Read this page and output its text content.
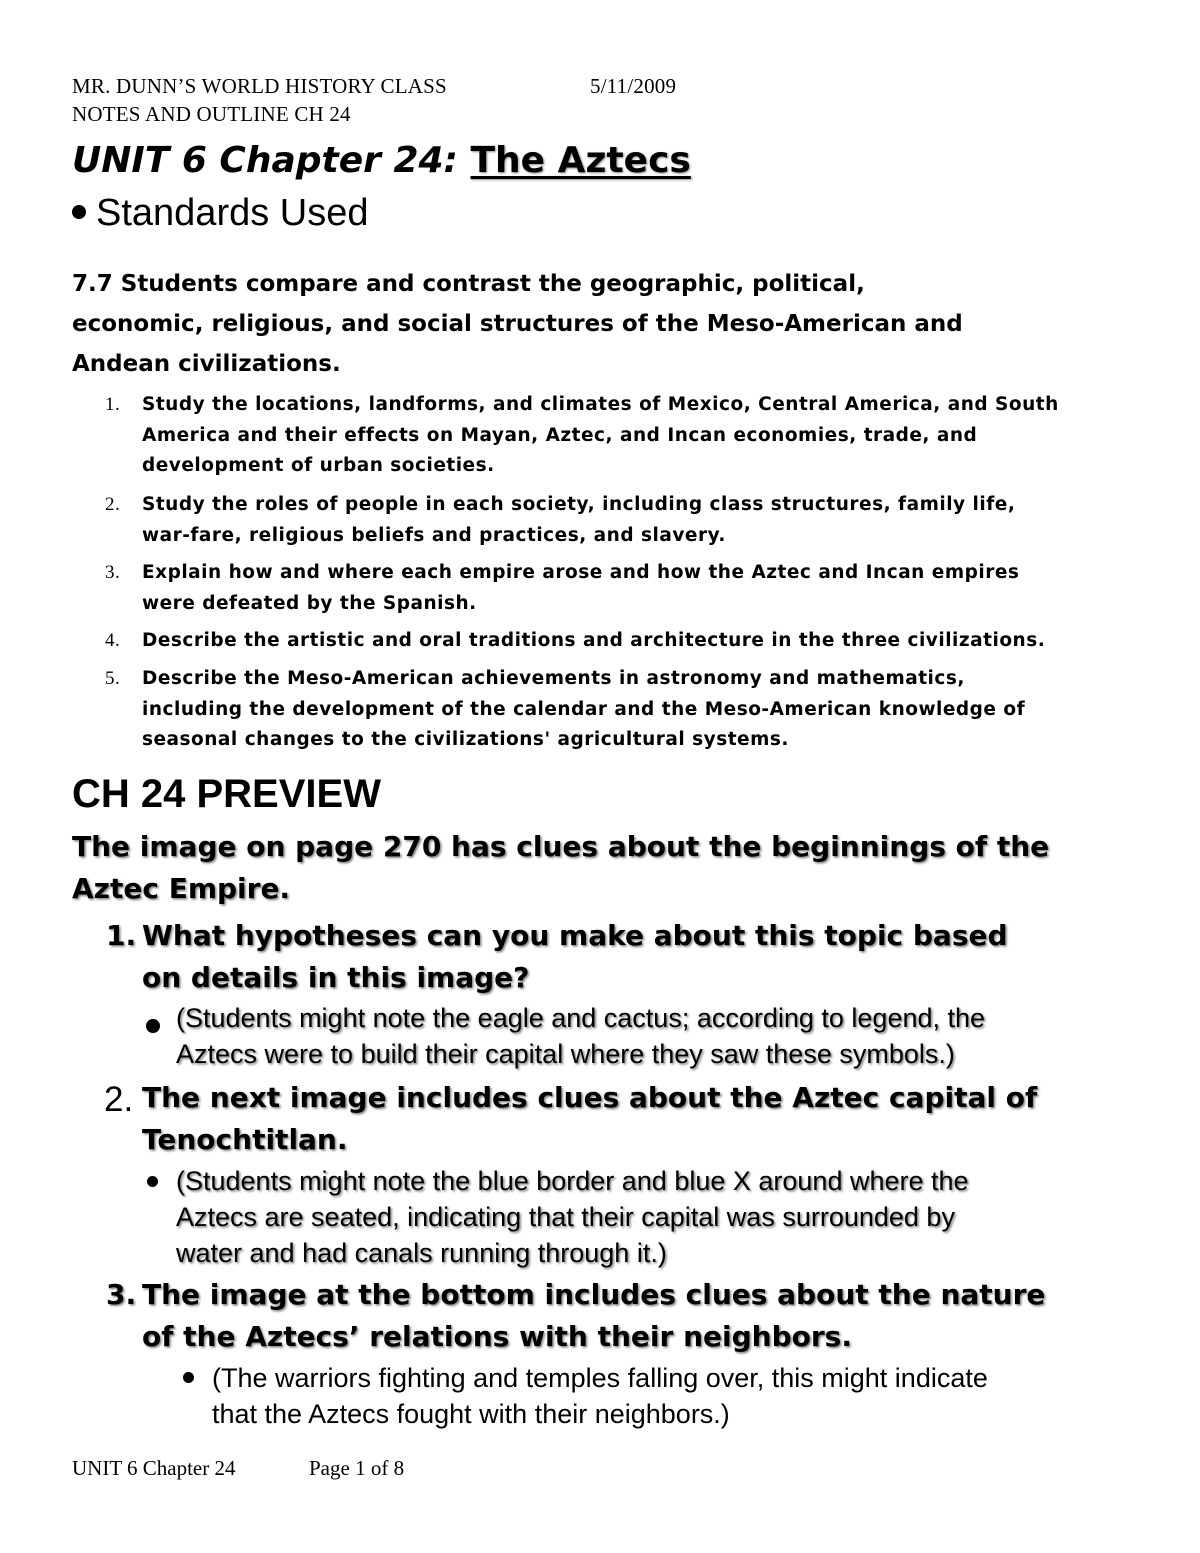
MR. DUNN’S WORLD HISTORY CLASS	5/11/2009
NOTES AND OUTLINE CH 24
UNIT 6 Chapter 24: The Aztecs
Standards Used
7.7 Students compare and contrast the geographic, political,
economic, religious, and social structures of the Meso-American and
Andean civilizations.
1. Study the locations, landforms, and climates of Mexico, Central America, and South
America and their effects on Mayan, Aztec, and Incan economies, trade, and
development of urban societies.
2. Study the roles of people in each society, including class structures, family life,
war-fare, religious beliefs and practices, and slavery.
3. Explain how and where each empire arose and how the Aztec and Incan empires
were defeated by the Spanish.
4. Describe the artistic and oral traditions and architecture in the three civilizations.
5. Describe the Meso-American achievements in astronomy and mathematics,
including the development of the calendar and the Meso-American knowledge of
seasonal changes to the civilizations' agricultural systems.
CH 24 PREVIEW
The image on page 270 has clues about the beginnings of the
Aztec Empire.
1. What hypotheses can you make about this topic based
on details in this image?
(Students might note the eagle and cactus; according to legend, the
Aztecs were to build their capital where they saw these symbols.)
2. The next image includes clues about the Aztec capital of
Tenochtitlan.
(Students might note the blue border and blue X around where the
Aztecs are seated, indicating that their capital was surrounded by
water and had canals running through it.)
3. The image at the bottom includes clues about the nature
of the Aztecs’ relations with their neighbors.
(The warriors fighting and temples falling over, this might indicate
that the Aztecs fought with their neighbors.)
UNIT 6 Chapter 24	Page 1 of 8
